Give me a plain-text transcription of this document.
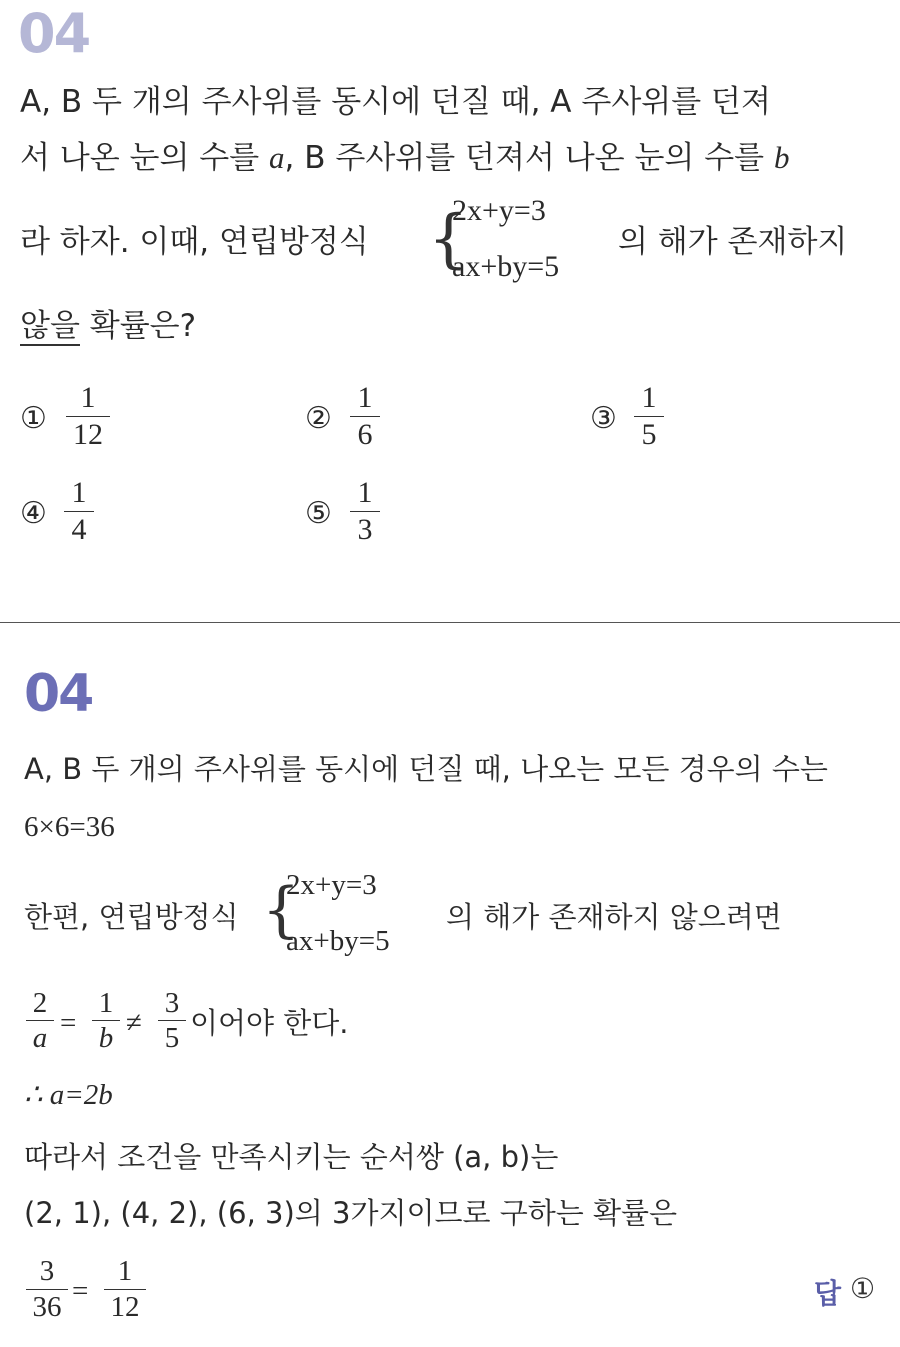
04
A, B 두 개의 주사위를 동시에 던질 때, A 주사위를 던져
서 나온 눈의 수를 a, B 주사위를 던져서 나온 눈의 수를 b
라 하자. 이때, 연립방정식 {
2x+y=3
ax+by=5
의 해가 존재하지
않을 확률은?
①
1
12	②
1
6	③
1
5
④
1
4	⑤
1
3
04
A, B 두 개의 주사위를 동시에 던질 때, 나오는 모든 경우의 수는
6×6=36
한편, 연립방정식 {
2x+y=3
ax+by=5
의 해가 존재하지 않으려면
2
a =
1
b ≠
3
5 이어야 한다.
∴ a=2b
따라서 조건을 만족시키는 순서쌍 (a, b)는
(2, 1), (4, 2), (6, 3)의 3가지이므로 구하는 확률은
3
36 =
1
12	답 ①
